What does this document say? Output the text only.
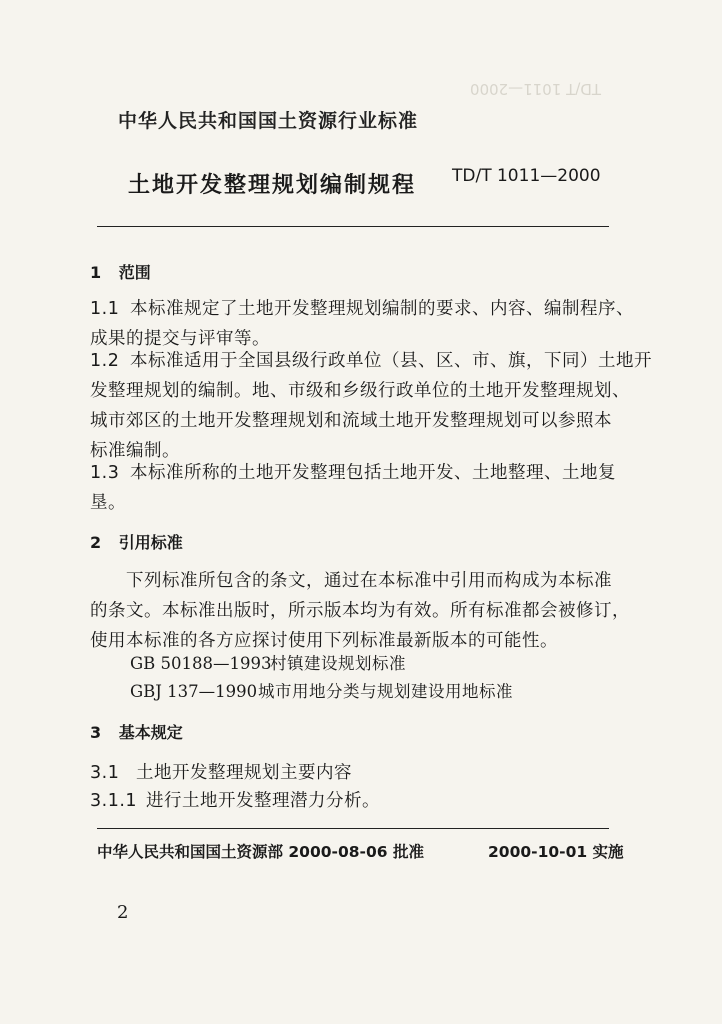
TD/T 1011—2000
中华人民共和国国土资源行业标准
土地开发整理规划编制规程 TD/T 1011—2000
1 范围
1.1 本标准规定了土地开发整理规划编制的要求、内容、编制程序、
成果的提交与评审等。
1.2 本标准适用于全国县级行政单位（县、区、市、旗，下同）土地开
发整理规划的编制。地、市级和乡级行政单位的土地开发整理规划、
城市郊区的土地开发整理规划和流域土地开发整理规划可以参照本
标准编制。
1.3 本标准所称的土地开发整理包括土地开发、土地整理、土地复
垦。
2 引用标准
下列标准所包含的条文，通过在本标准中引用而构成为本标准
的条文。本标准出版时，所示版本均为有效。所有标准都会被修订，
使用本标准的各方应探讨使用下列标准最新版本的可能性。
GB 50188—1993村镇建设规划标准
GBJ 137—1990城市用地分类与规划建设用地标准
3 基本规定
3.1 土地开发整理规划主要内容
3.1.1 进行土地开发整理潜力分析。
中华人民共和国国土资源部 2000-08-06 批准	2000-10-01 实施
2
